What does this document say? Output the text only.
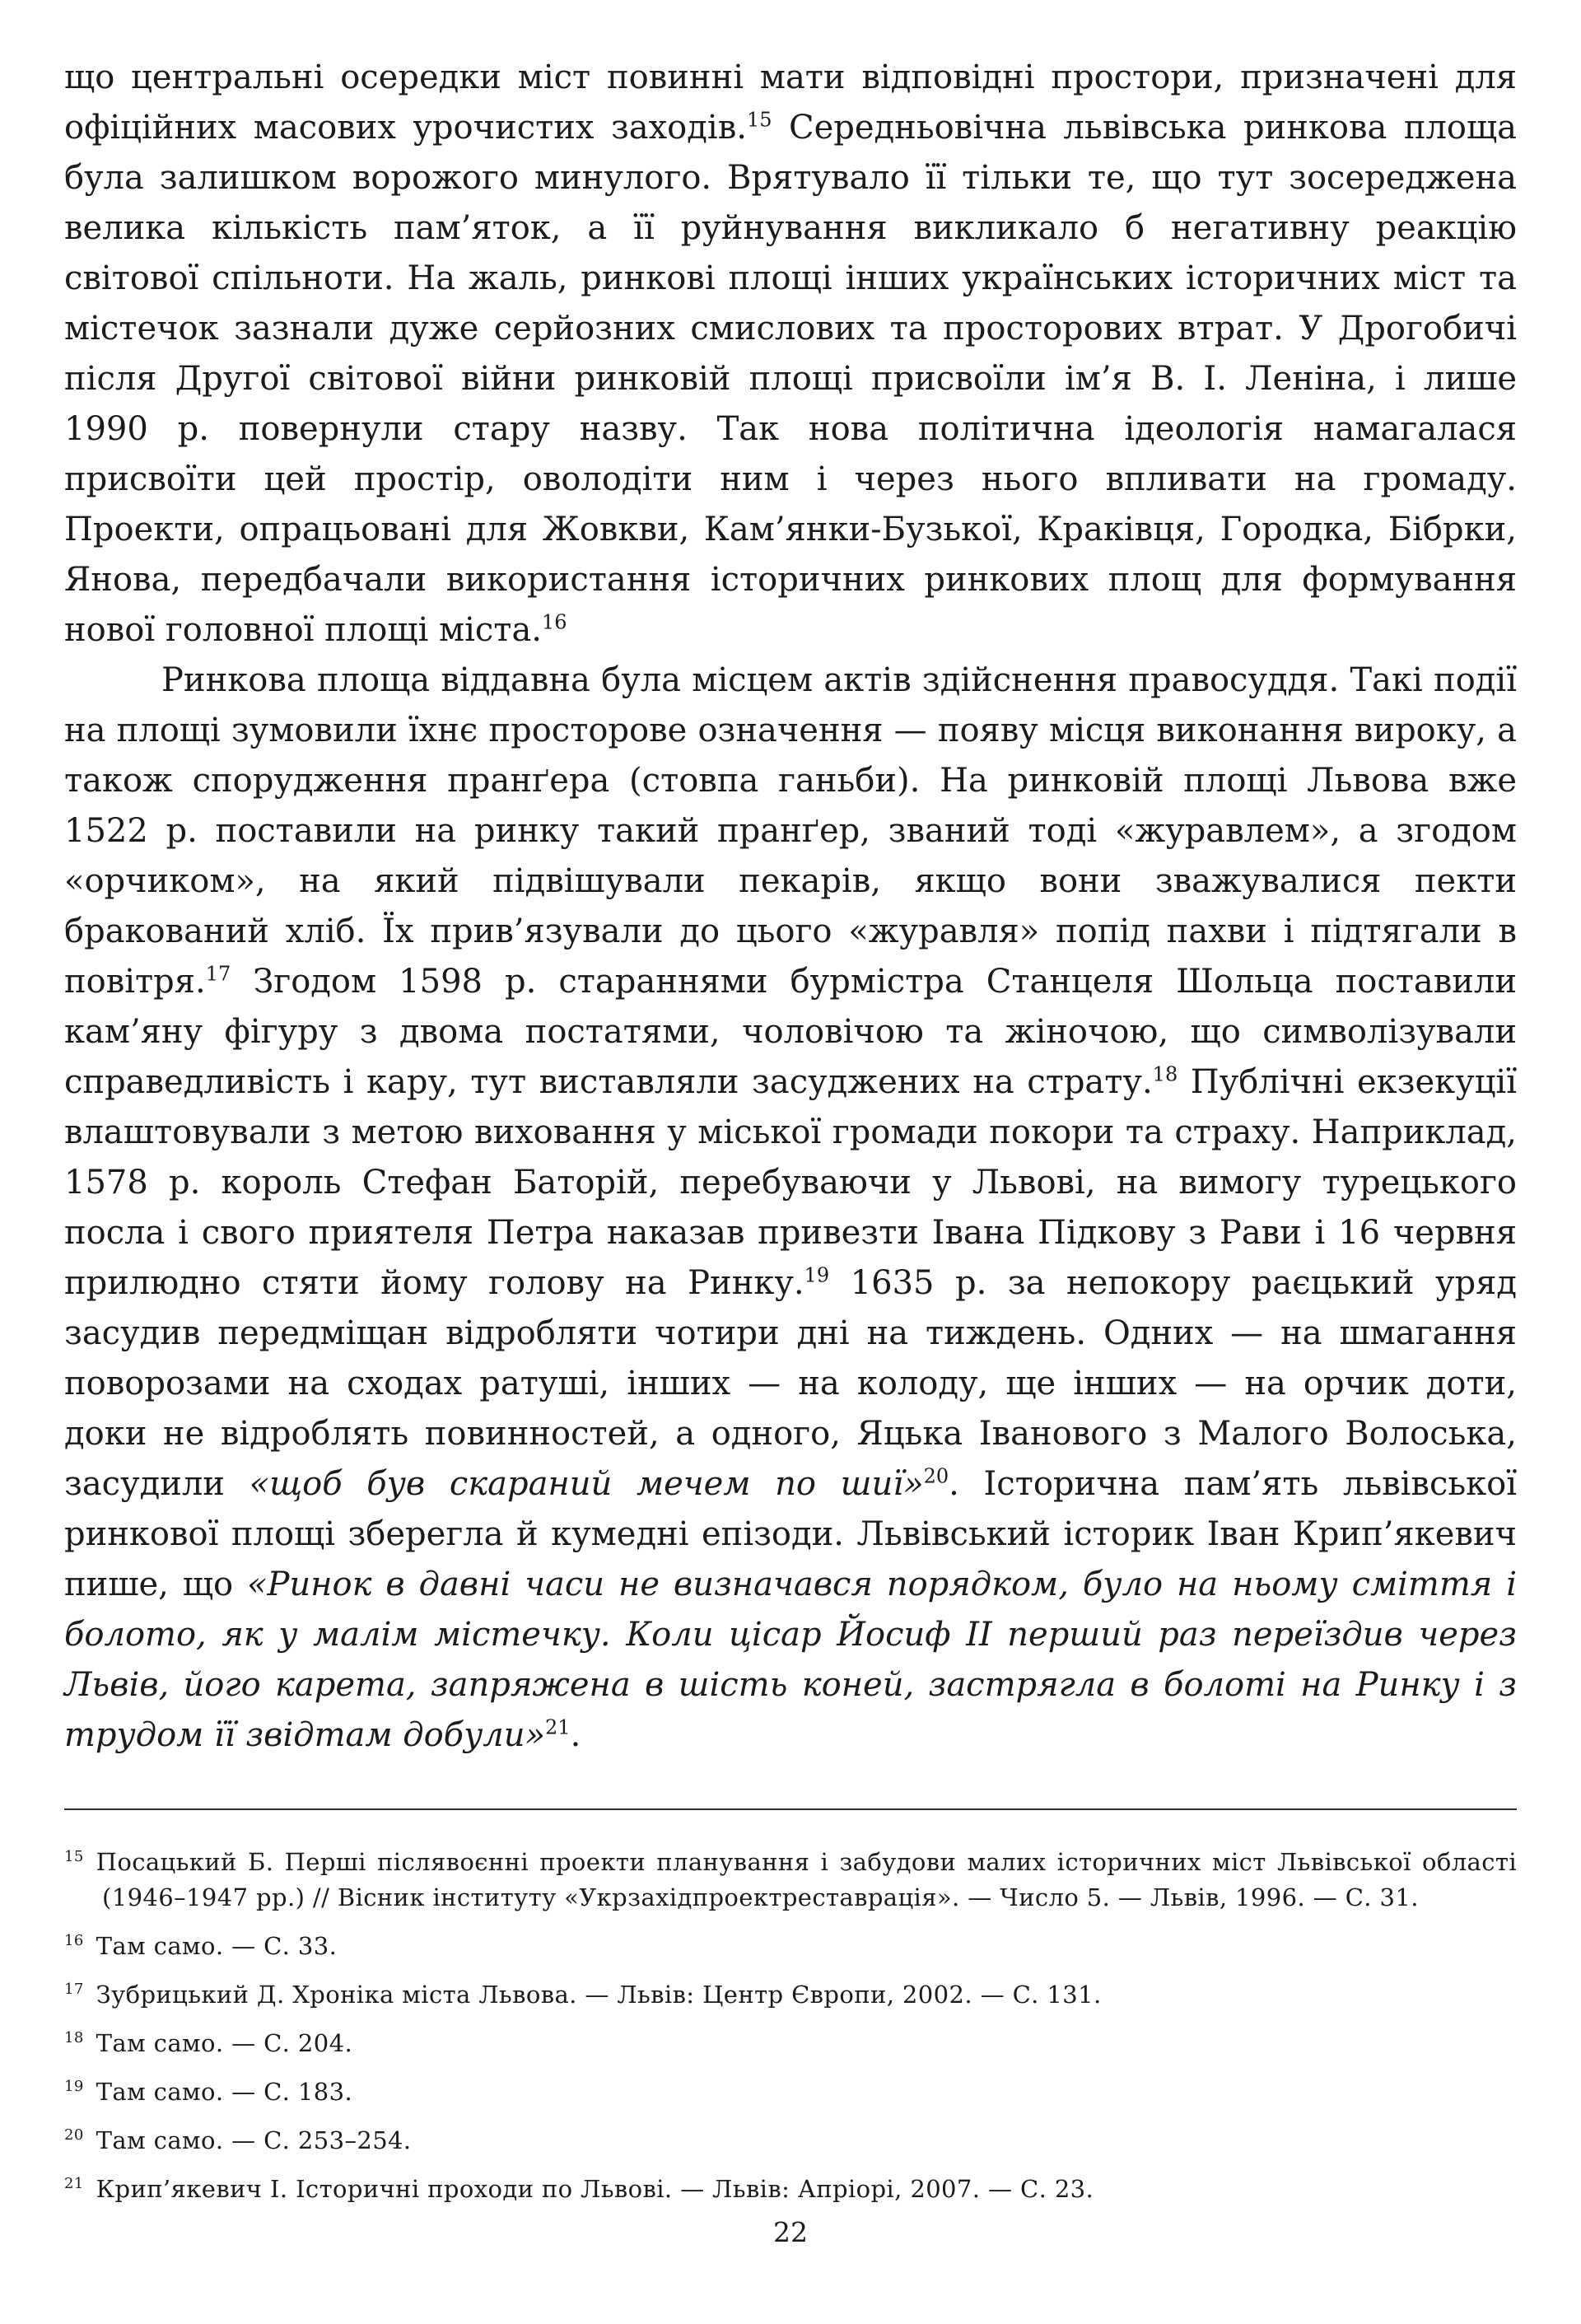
що центральні осередки міст повинні мати відповідні простори, призначені для офіційних масових урочистих заходів.$^{15}$ Середньовічна львівська ринкова площа була залишком ворожого минулого. Врятувало її тільки те, що тут зосереджена велика кількість пам’яток, а її руйнування викликало б негативну реакцію світової спільноти. На жаль, ринкові площі інших українських історичних міст та містечок зазнали дуже серйозних смислових та просторових втрат. У Дрогобичі після Другої світової війни ринковій площі присвоїли ім’я В. І. Леніна, і лише 1990 р. повернули стару назву. Так нова політична ідеологія намагалася присвоїти цей простір, оволодіти ним і через нього впливати на громаду. Проекти, опрацьовані для Жовкви, Кам’янки-Бузької, Краківця, Городка, Бібрки, Янова, передбачали використання історичних ринкових площ для формування нової головної площі міста.$^{16}$

Ринкова площа віддавна була місцем актів здійснення правосуддя. Такі події на площі зумовили їхнє просторове означення — появу місця виконання вироку, а також спорудження пранґера (стовпа ганьби). На ринковій площі Львова вже 1522 р. поставили на ринку такий пранґер, званий тоді «журавлем», а згодом «орчиком», на який підвішували пекарів, якщо вони зважувалися пекти бракований хліб. Їх прив’язували до цього «журавля» попід пахви і підтягали в повітря.$^{17}$ Згодом 1598 р. стараннями бурмістра Станцеля Шольца поставили кам’яну фігуру з двома постатями, чоловічою та жіночою, що символізували справедливість і кару, тут виставляли засуджених на страту.$^{18}$ Публічні екзекуції влаштовували з метою виховання у міської громади покори та страху. Наприклад, 1578 р. король Стефан Баторій, перебуваючи у Львові, на вимогу турецького посла і свого приятеля Петра наказав привезти Івана Підкову з Рави і 16 червня прилюдно стяти йому голову на Ринку.$^{19}$ 1635 р. за непокору раєцький уряд засудив передміщан відробляти чотири дні на тиждень. Одних — на шмагання поворозами на сходах ратуші, інших — на колоду, ще інших — на орчик доти, доки не відроблять повинностей, а одного, Яцька Іванового з Малого Волоська, засудили «щоб був скараний мечем по шиї»$^{20}$. Історична пам’ять львівської ринкової площі зберегла й кумедні епізоди. Львівський історик Іван Крип’якевич пише, що «Ринок в давні часи не визначався порядком, було на ньому сміття і болото, як у малім містечку. Коли цісар Йосиф II перший раз переїздив через Львів, його карета, запряжена в шість коней, застрягла в болоті на Ринку і з трудом її звідтам добули»$^{21}$.

$^{15}$ Посацький Б. Перші післявоєнні проекти планування і забудови малих історичних міст Львівської області (1946–1947 рр.) // Вісник інституту «Укрзахідпроектреставрація». — Число 5. — Львів, 1996. — С. 31.
$^{16}$ Там само. — С. 33.
$^{17}$ Зубрицький Д. Хроніка міста Львова. — Львів: Центр Європи, 2002. — С. 131.
$^{18}$ Там само. — С. 204.
$^{19}$ Там само. — С. 183.
$^{20}$ Там само. — С. 253–254.
$^{21}$ Крип’якевич І. Історичні проходи по Львові. — Львів: Апріорі, 2007. — С. 23.
22
